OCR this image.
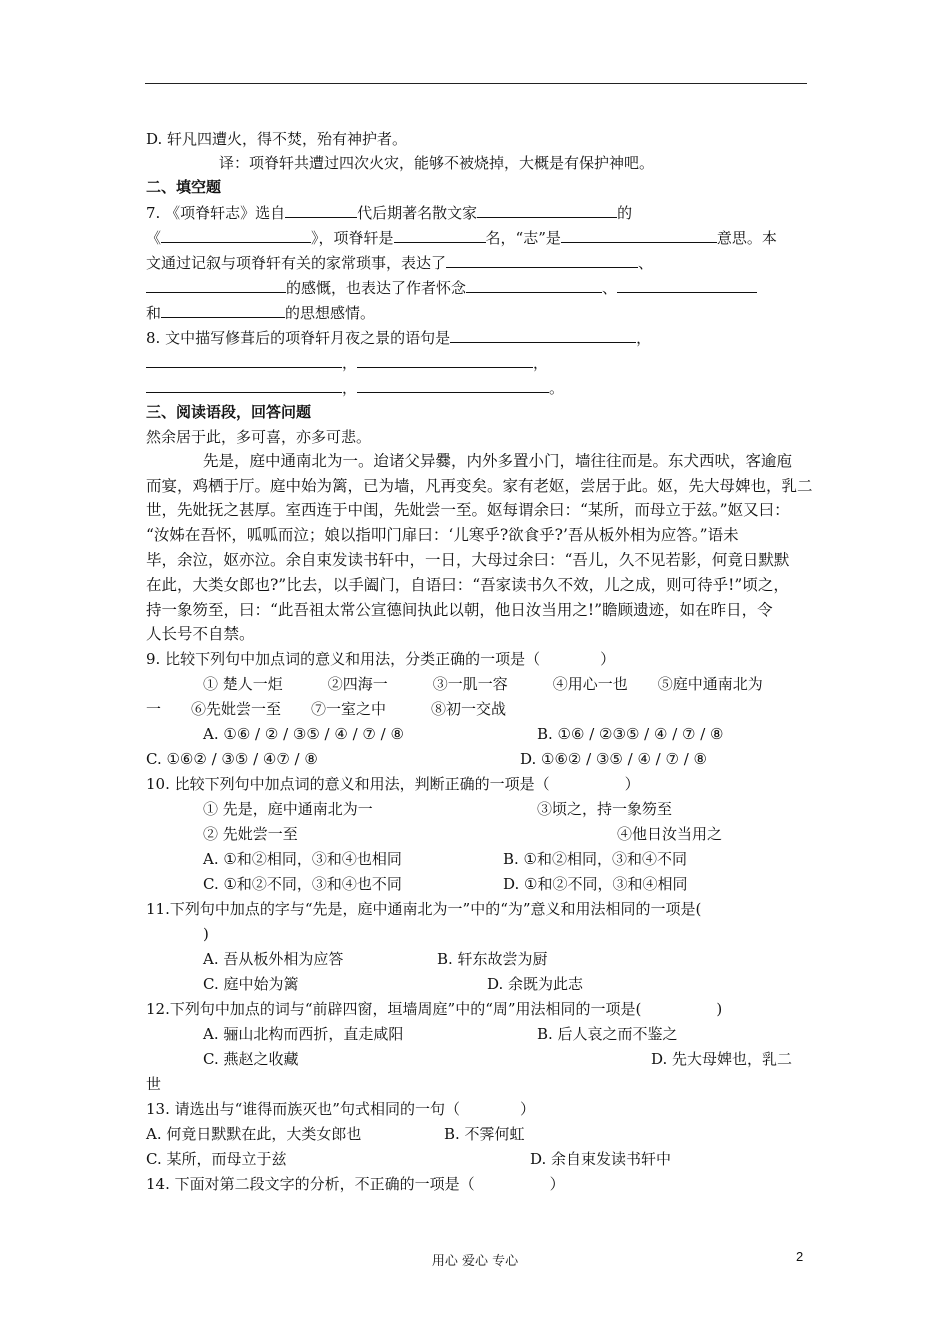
D. 轩凡四遭火，得不焚，殆有神护者。
译：项脊轩共遭过四次火灾，能够不被烧掉，大概是有保护神吧。
二、填空题
7. 《项脊轩志》选自	代后期著名散文家	的
《	》，项脊轩是	名，“志”是	意思。本
文通过记叙与项脊轩有关的家常琐事，表达了	、
的感慨，也表达了作者怀念	、
和	的思想感情。
8. 文中描写修葺后的项脊轩月夜之景的语句是	，
，	，
，	。
三、阅读语段，回答问题
然余居于此，多可喜，亦多可悲。
先是，庭中通南北为一。迨诸父异爨，内外多置小门，墙往往而是。东犬西吠，客逾庖
而宴，鸡栖于厅。庭中始为篱，已为墙，凡再变矣。家有老妪，尝居于此。妪，先大母婢也，乳二
世，先妣抚之甚厚。室西连于中闺，先妣尝一至。妪每谓余曰：“某所，而母立于兹。”妪又曰：
“汝姊在吾怀，呱呱而泣；娘以指叩门扉曰：‘儿寒乎?欲食乎?’吾从板外相为应答。”语未
毕，余泣，妪亦泣。余自束发读书轩中，一日，大母过余曰：“吾儿，久不见若影，何竟日默默
在此，大类女郎也?”比去，以手阖门，自语曰：“吾家读书久不效，儿之成，则可待乎!”顷之，
持一象笏至，曰：“此吾祖太常公宣德间执此以朝，他日汝当用之!”瞻顾遗迹，如在昨日，令
人长号不自禁。
9. 比较下列句中加点词的意义和用法，分类正确的一项是（　　　　）
① 楚人一炬　　　②四海一　　　③一肌一容　　　④用心一也　　⑤庭中通南北为
一　　⑥先妣尝一至　　⑦一室之中　　　⑧初一交战
A. ①⑥ / ② / ③⑤ / ④ / ⑦ / ⑧	B. ①⑥ / ②③⑤ / ④ / ⑦ / ⑧
C. ①⑥② / ③⑤ / ④⑦ / ⑧	D. ①⑥② / ③⑤ / ④ / ⑦ / ⑧
10. 比较下列句中加点词的意义和用法，判断正确的一项是（　　　　　）
① 先是，庭中通南北为一	③顷之，持一象笏至
② 先妣尝一至	④他日汝当用之
A. ①和②相同，③和④也相同	B. ①和②相同，③和④不同
C. ①和②不同，③和④也不同	D. ①和②不同，③和④相同
11.下列句中加点的字与“先是，庭中通南北为一”中的“为”意义和用法相同的一项是(
)
A. 吾从板外相为应答	B. 轩东故尝为厨
C. 庭中始为篱	D. 余既为此志
12.下列句中加点的词与“前辟四窗，垣墙周庭”中的“周”用法相同的一项是(　　　　　)
A. 骊山北构而西折，直走咸阳	B. 后人哀之而不鉴之
C. 燕赵之收藏	D. 先大母婢也，乳二
世
13. 请选出与“谁得而族灭也”句式相同的一句（　　　　）
A. 何竟日默默在此，大类女郎也	B. 不霁何虹
C. 某所，而母立于兹	D. 余自束发读书轩中
14. 下面对第二段文字的分析，不正确的一项是（　　　　　）
用心 爱心 专心	2
